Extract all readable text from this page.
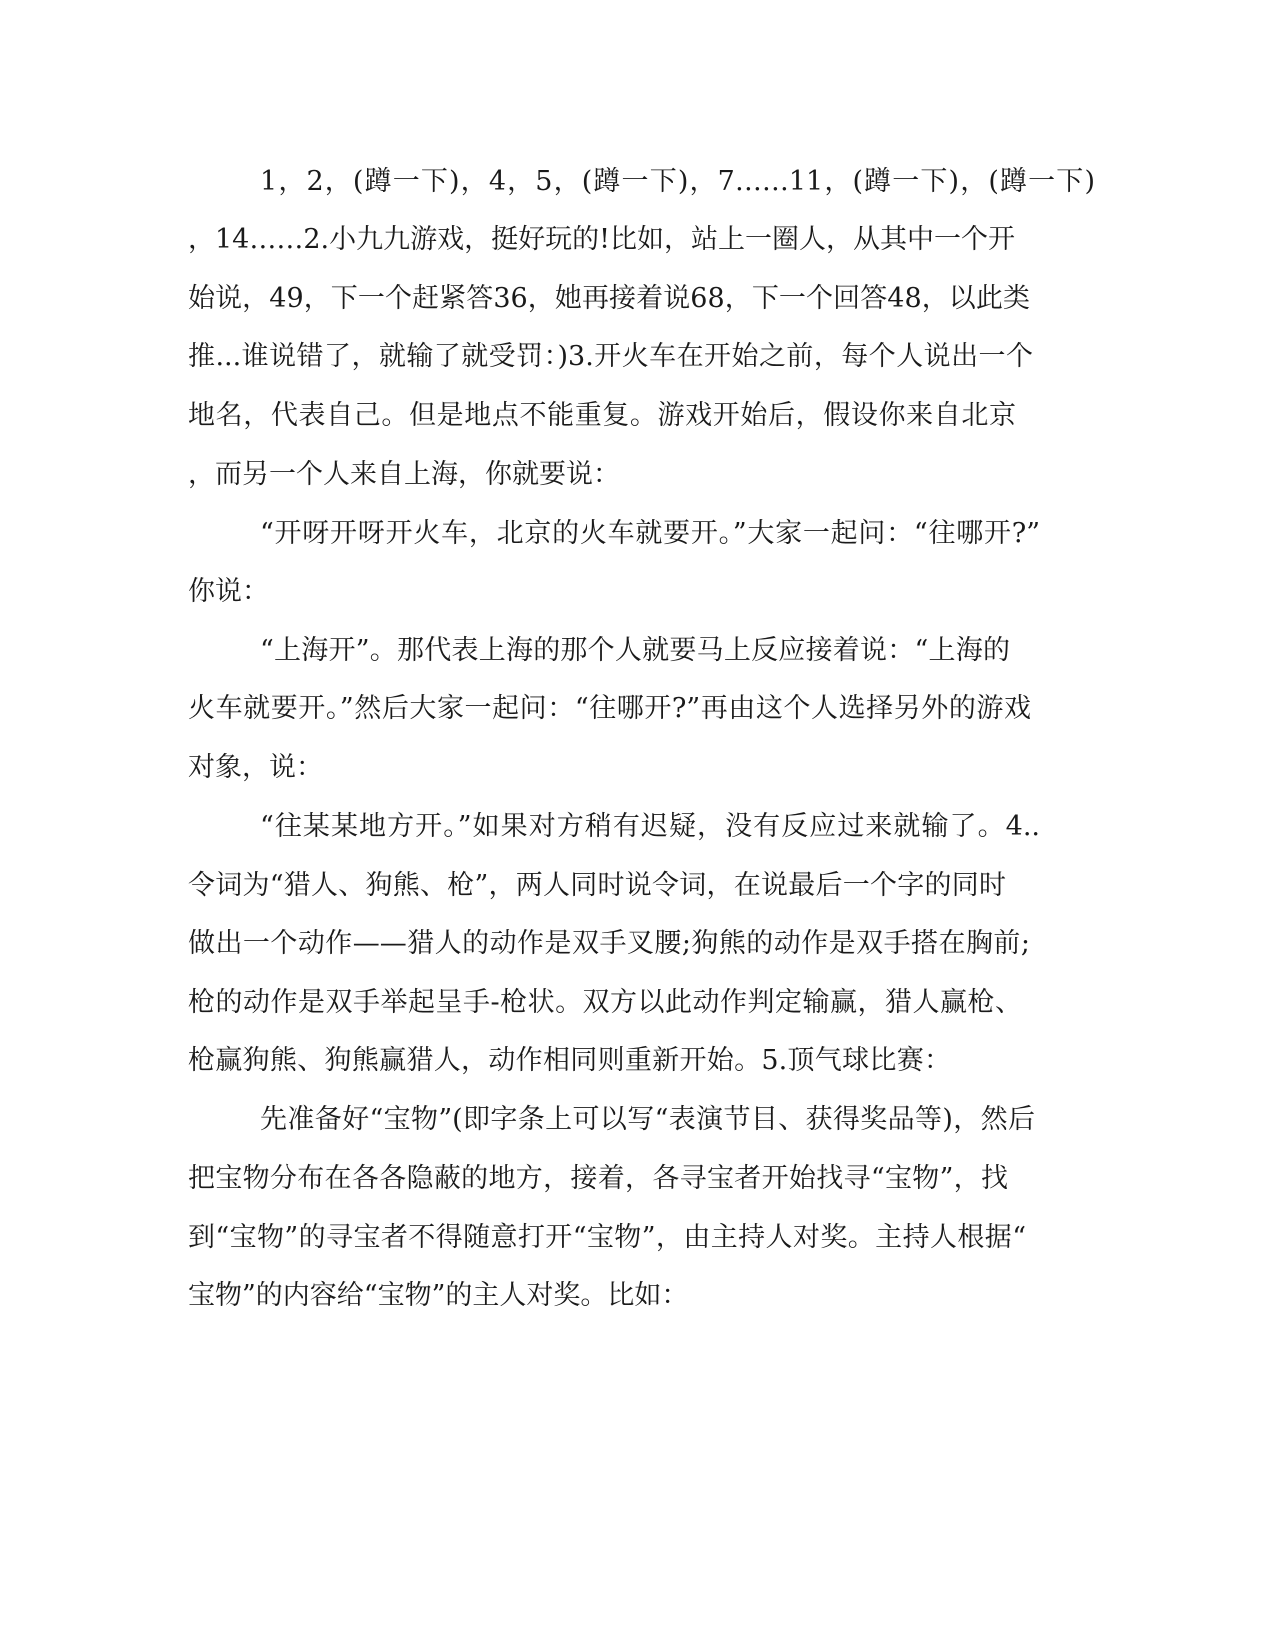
1，2，(蹲一下)，4，5，(蹲一下)，7……11，(蹲一下)，(蹲一下)
，14……2.小九九游戏，挺好玩的!比如，站上一圈人，从其中一个开
始说，49，下一个赶紧答36，她再接着说68，下一个回答48，以此类
推...谁说错了，就输了就受罚：)3.开火车在开始之前，每个人说出一个
地名，代表自己。但是地点不能重复。游戏开始后，假设你来自北京
，而另一个人来自上海，你就要说：
“开呀开呀开火车，北京的火车就要开。”大家一起问：“往哪开?”
你说：
“上海开”。那代表上海的那个人就要马上反应接着说：“上海的
火车就要开。”然后大家一起问：“往哪开?”再由这个人选择另外的游戏
对象，说：
“往某某地方开。”如果对方稍有迟疑，没有反应过来就输了。4..
令词为“猎人、狗熊、枪”，两人同时说令词，在说最后一个字的同时
做出一个动作——猎人的动作是双手叉腰;狗熊的动作是双手搭在胸前;
枪的动作是双手举起呈手-枪状。双方以此动作判定输赢，猎人赢枪、
枪赢狗熊、狗熊赢猎人，动作相同则重新开始。5.顶气球比赛：
先准备好“宝物”(即字条上可以写“表演节目、获得奖品等)，然后
把宝物分布在各各隐蔽的地方，接着，各寻宝者开始找寻“宝物”，找
到“宝物”的寻宝者不得随意打开“宝物”，由主持人对奖。主持人根据“
宝物”的内容给“宝物”的主人对奖。比如：
